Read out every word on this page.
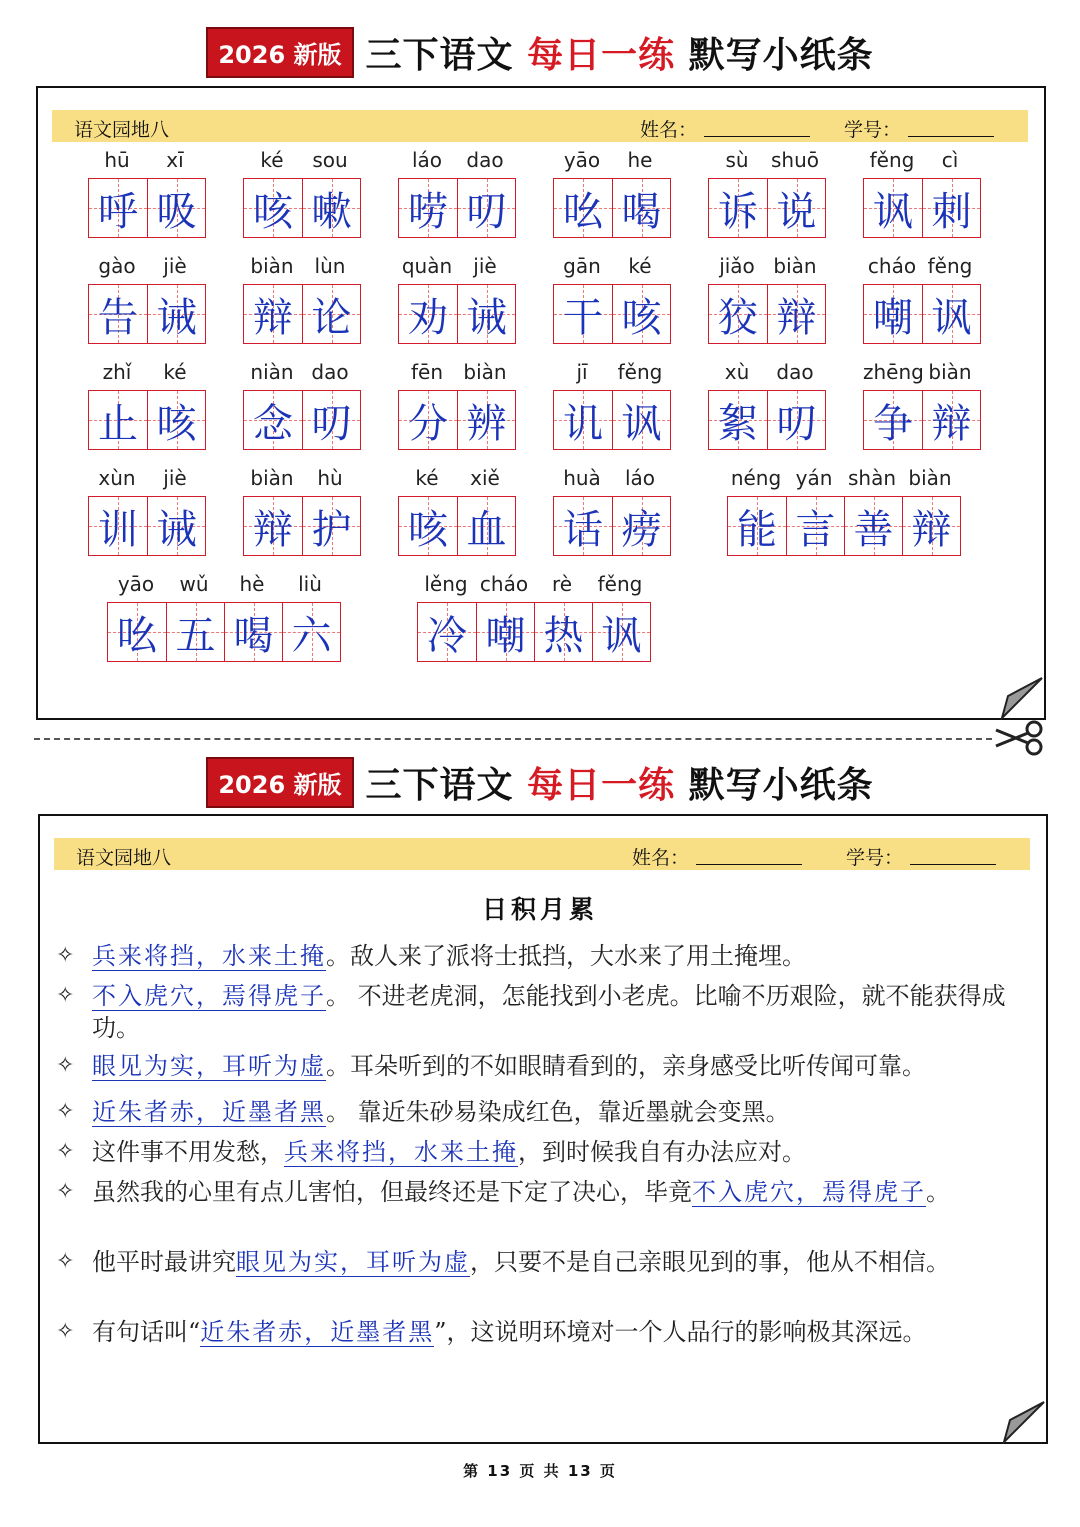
2026 新版 三下语文 每日一练 默写小纸条
语文园地八	姓名：	学号：
hū	xī
呼 吸
ké	sou
咳 嗽
láo	dao
唠 叨
yāo	he
吆 喝
sù	shuō
诉 说
fěng	cì
讽 刺
gào	jiè
告 诫
biàn	lùn
辩 论
quàn	jiè
劝 诫
gān	ké
干 咳
jiǎo biàn
狡 辩
cháo fěng
嘲 讽
zhǐ	ké
止 咳
niàn dao
念 叨
fēn	biàn
分 辨
jī	fěng
讥 讽
xù	dao
絮 叨
zhēng biàn
争 辩
xùn	jiè
训 诫
biàn	hù
辩 护
ké	xiě
咳 血
huà	láo
话 痨
néng yán shàn biàn
能 言 善 辩
yāo	wǔ	hè	liù
吆 五 喝 六
lěng cháo	rè	fěng
冷 嘲 热 讽
2026 新版 三下语文 每日一练 默写小纸条
语文园地八	姓名：	学号：
日积月累
✧ 兵来将挡，水来土掩。敌人来了派将士抵挡，大水来了用土掩埋。
✧ 不入虎穴，焉得虎子。 不进老虎洞，怎能找到小老虎。比喻不历艰险，就不能获得成功。
✧ 眼见为实，耳听为虚。耳朵听到的不如眼睛看到的，亲身感受比听传闻可靠。
✧ 近朱者赤，近墨者黑。 靠近朱砂易染成红色，靠近墨就会变黑。
✧ 这件事不用发愁，兵来将挡，水来土掩，到时候我自有办法应对。
✧ 虽然我的心里有点儿害怕，但最终还是下定了决心，毕竟不入虎穴，焉得虎子。
✧ 他平时最讲究眼见为实，耳听为虚，只要不是自己亲眼见到的事，他从不相信。
✧ 有句话叫“近朱者赤，近墨者黑”，这说明环境对一个人品行的影响极其深远。
第 13 页 共 13 页
